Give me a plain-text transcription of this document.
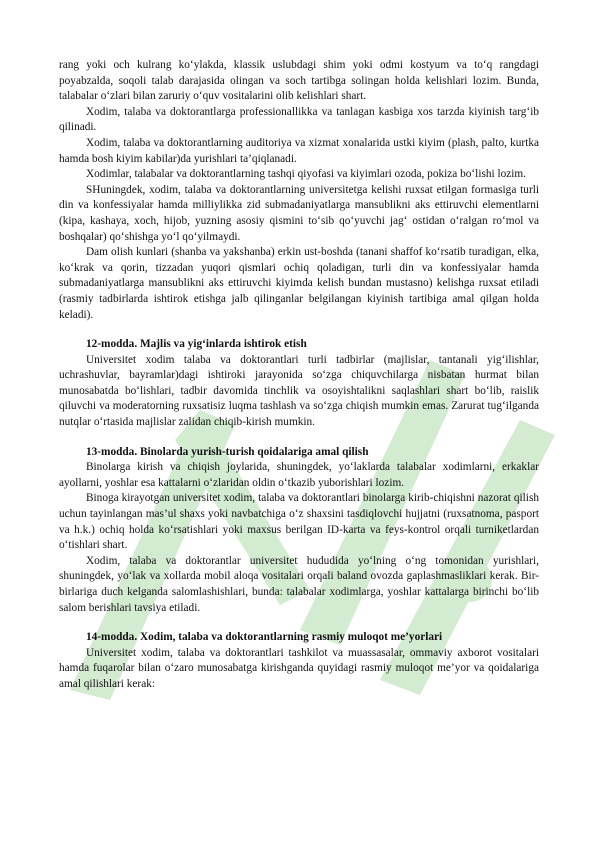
rang yoki och kulrang ko‘ylakda, klassik uslubdagi shim yoki odmi kostyum va to‘q rangdagi poyabzalda, soqoli talab darajasida olingan va soch tartibga solingan holda kelishlari lozim. Bunda, talabalar o‘zlari bilan zaruriy o‘quv vositalarini olib kelishlari shart.

Xodim, talaba va doktorantlarga professionallikka va tanlagan kasbiga xos tarzda kiyinish targ‘ib qilinadi.

Xodim, talaba va doktorantlarning auditoriya va xizmat xonalarida ustki kiyim (plash, palto, kurtka hamda bosh kiyim kabilar)da yurishlari ta’qiqlanadi.

Xodimlar, talabalar va doktorantlarning tashqi qiyofasi va kiyimlari ozoda, pokiza bo‘lishi lozim.

SHuningdek, xodim, talaba va doktorantlarning universitetga kelishi ruxsat etilgan formasiga turli din va konfessiyalar hamda milliylikka zid submadaniyatlarga mansublikni aks ettiruvchi elementlarni (kipa, kashaya, xoch, hijob, yuzning asosiy qismini to‘sib qo‘yuvchi jag‘ ostidan o‘ralgan ro‘mol va boshqalar) qo‘shishga yo‘l qo‘yilmaydi.

Dam olish kunlari (shanba va yakshanba) erkin ust-boshda (tanani shaffof ko‘rsatib turadigan, elka, ko‘krak va qorin, tizzadan yuqori qismlari ochiq qoladigan, turli din va konfessiyalar hamda submadaniyatlarga mansublikni aks ettiruvchi kiyimda kelish bundan mustasno) kelishga ruxsat etiladi (rasmiy tadbirlarda ishtirok etishga jalb qilinganlar belgilangan kiyinish tartibiga amal qilgan holda keladi).

12-modda. Majlis va yig‘inlarda ishtirok etish

Universitet xodim talaba va doktorantlari turli tadbirlar (majlislar, tantanali yig‘ilishlar, uchrashuvlar, bayramlar)dagi ishtiroki jarayonida so‘zga chiquvchilarga nisbatan hurmat bilan munosabatda bo‘lishlari, tadbir davomida tinchlik va osoyishtalikni saqlashlari shart bo‘lib, raislik qiluvchi va moderatorning ruxsatisiz luqma tashlash va so‘zga chiqish mumkin emas. Zarurat tug‘ilganda nutqlar o‘rtasida majlislar zalidan chiqib-kirish mumkin.

13-modda. Binolarda yurish-turish qoidalariga amal qilish

Binolarga kirish va chiqish joylarida, shuningdek, yo‘laklarda talabalar xodimlarni, erkaklar ayollarni, yoshlar esa kattalarni o‘zlaridan oldin o‘tkazib yuborishlari lozim.

Binoga kirayotgan universitet xodim, talaba va doktorantlari binolarga kirib-chiqishni nazorat qilish uchun tayinlangan mas’ul shaxs yoki navbatchiga o‘z shaxsini tasdiqlovchi hujjatni (ruxsatnoma, pasport va h.k.) ochiq holda ko‘rsatishlari yoki maxsus berilgan ID-karta va feys-kontrol orqali turniketlardan o‘tishlari shart.

Xodim, talaba va doktorantlar universitet hududida yo‘lning o‘ng tomonidan yurishlari, shuningdek, yo‘lak va xollarda mobil aloqa vositalari orqali baland ovozda gaplashmasliklari kerak. Bir-birlariga duch kelganda salomlashishlari, bunda: talabalar xodimlarga, yoshlar kattalarga birinchi bo‘lib salom berishlari tavsiya etiladi.

14-modda. Xodim, talaba va doktorantlarning rasmiy muloqot me’yorlari

Universitet xodim, talaba va doktorantlari tashkilot va muassasalar, ommaviy axborot vositalari hamda fuqarolar bilan o‘zaro munosabatga kirishganda quyidagi rasmiy muloqot me’yor va qoidalariga amal qilishlari kerak:
